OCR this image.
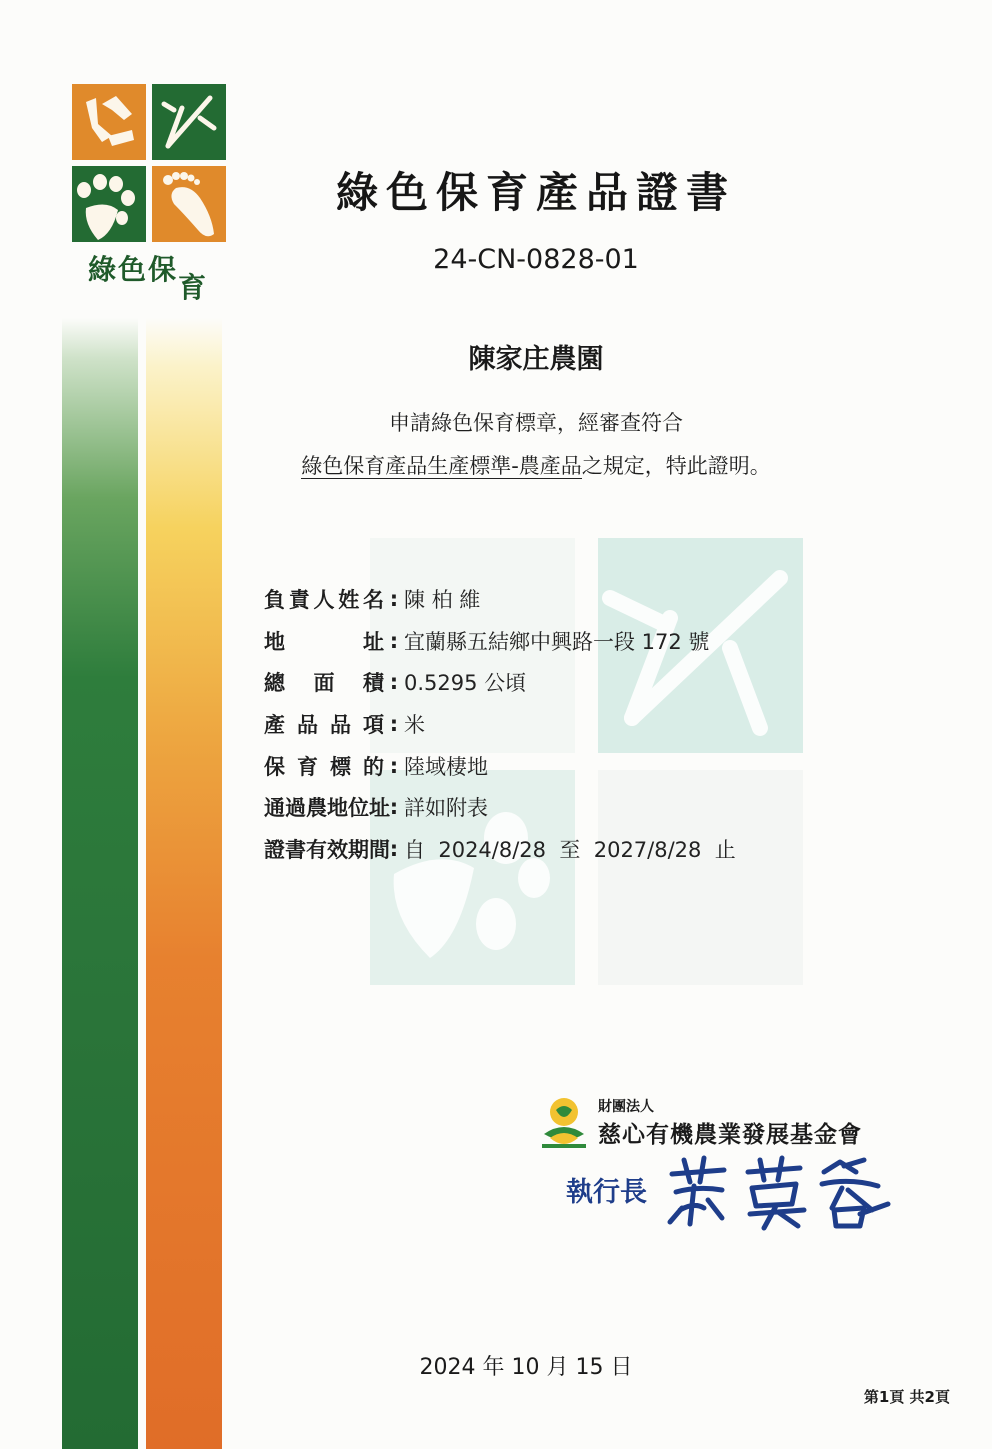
綠色保育
綠色保育產品證書
24-CN-0828-01
陳家庄農園
申請綠色保育標章，經審查符合
綠色保育產品生產標準-農產品之規定，特此證明。
負責人姓名 : 陳 柏 維
地址 : 宜蘭縣五結鄉中興路一段 172 號
總面積 : 0.5295 公頃
產品品項 : 米
保育標的 : 陸域棲地
通過農地位址 : 詳如附表
證書有效期間 : 自  2024/8/28  至  2027/8/28  止
財團法人
慈心有機農業發展基金會
執行長
2024 年 10 月 15 日
第1頁 共2頁
